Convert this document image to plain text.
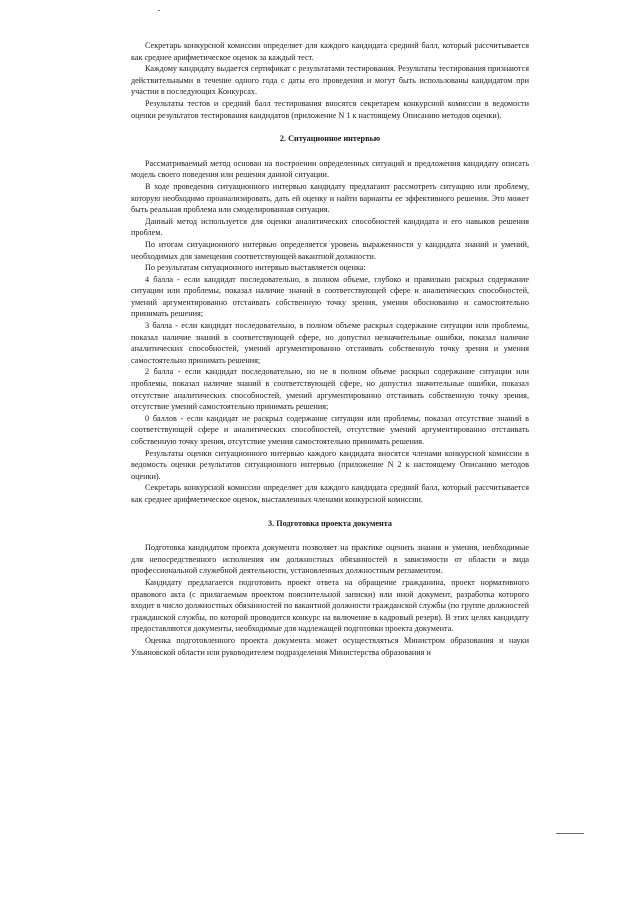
Секретарь конкурсной комиссии определяет для каждого кандидата средний балл, который рассчитывается как среднее арифметическое оценок за каждый тест.

Каждому кандидату выдается сертификат с результатами тестирования. Результаты тестирования признаются действительными в течение одного года с даты его проведения и могут быть использованы кандидатом при участии в последующих Конкурсах.

Результаты тестов и средний балл тестирования вносятся секретарем конкурсной комиссии в ведомости оценки результатов тестирования кандидатов (приложение N 1 к настоящему Описанию методов оценки).

2. Ситуационное интервью

Рассматриваемый метод основан на построении определенных ситуаций и предложения кандидату описать модель своего поведения или решения данной ситуации.

В ходе проведения ситуационного интервью кандидату предлагают рассмотреть ситуацию или проблему, которую необходимо проанализировать, дать ей оценку и найти варианты ее эффективного решения. Это может быть реальная проблема или смоделированная ситуация.

Данный метод используется для оценки аналитических способностей кандидата и его навыков решения проблем.

По итогам ситуационного интервью определяется уровень выраженности у кандидата знаний и умений, необходимых для замещения соответствующей вакантной должности.

По результатам ситуационного интервью выставляется оценка:

4 балла - если кандидат последовательно, в полном объеме, глубоко и правильно раскрыл содержание ситуации или проблемы, показал наличие знаний в соответствующей сфере и аналитических способностей, умений аргументированно отстаивать собственную точку зрения, умения обоснованно и самостоятельно принимать решения;

3 балла - если кандидат последовательно, в полном объеме раскрыл содержание ситуации или проблемы, показал наличие знаний в соответствующей сфере, но допустил незначительные ошибки, показал наличие аналитических способностей, умений аргументированно отстаивать собственную точку зрения и умения самостоятельно принимать решения;

2 балла - если кандидат последовательно, но не в полном объеме раскрыл содержание ситуации или проблемы, показал наличие знаний в соответствующей сфере, но допустил значительные ошибки, показал отсутствие аналитических способностей, умений аргументированно отстаивать собственную точку зрения, отсутствие умений самостоятельно принимать решения;

0 баллов - если кандидат не раскрыл содержание ситуации или проблемы, показал отсутствие знаний в соответствующей сфере и аналитических способностей, отсутствие умений аргументированно отстаивать собственную точку зрения, отсутствие умения самостоятельно принимать решения.

Результаты оценки ситуационного интервью каждого кандидата вносятся членами конкурсной комиссии в ведомость оценки результатов ситуационного интервью (приложение N 2 к настоящему Описанию методов оценки).

Секретарь конкурсной комиссии определяет для каждого кандидата средний балл, который рассчитывается как среднее арифметическое оценок, выставленных членами конкурсной комиссии.

3. Подготовка проекта документа

Подготовка кандидатом проекта документа позволяет на практике оценить знания и умения, необходимые для непосредственного исполнения им должностных обязанностей в зависимости от области и вида профессиональной служебной деятельности, установленных должностным регламентом.

Кандидату предлагается подготовить проект ответа на обращение гражданина, проект нормативного правового акта (с прилагаемым проектом пояснительной записки) или иной документ, разработка которого входит в число должностных обязанностей по вакантной должности гражданской службы (по группе должностей гражданской службы, по которой проводится конкурс на включение в кадровый резерв). В этих целях кандидату предоставляются документы, необходимые для надлежащей подготовки проекта документа.

Оценка подготовленного проекта документа может осуществляться Министром образования и науки Ульяновской области или руководителем подразделения Министерства образования и
